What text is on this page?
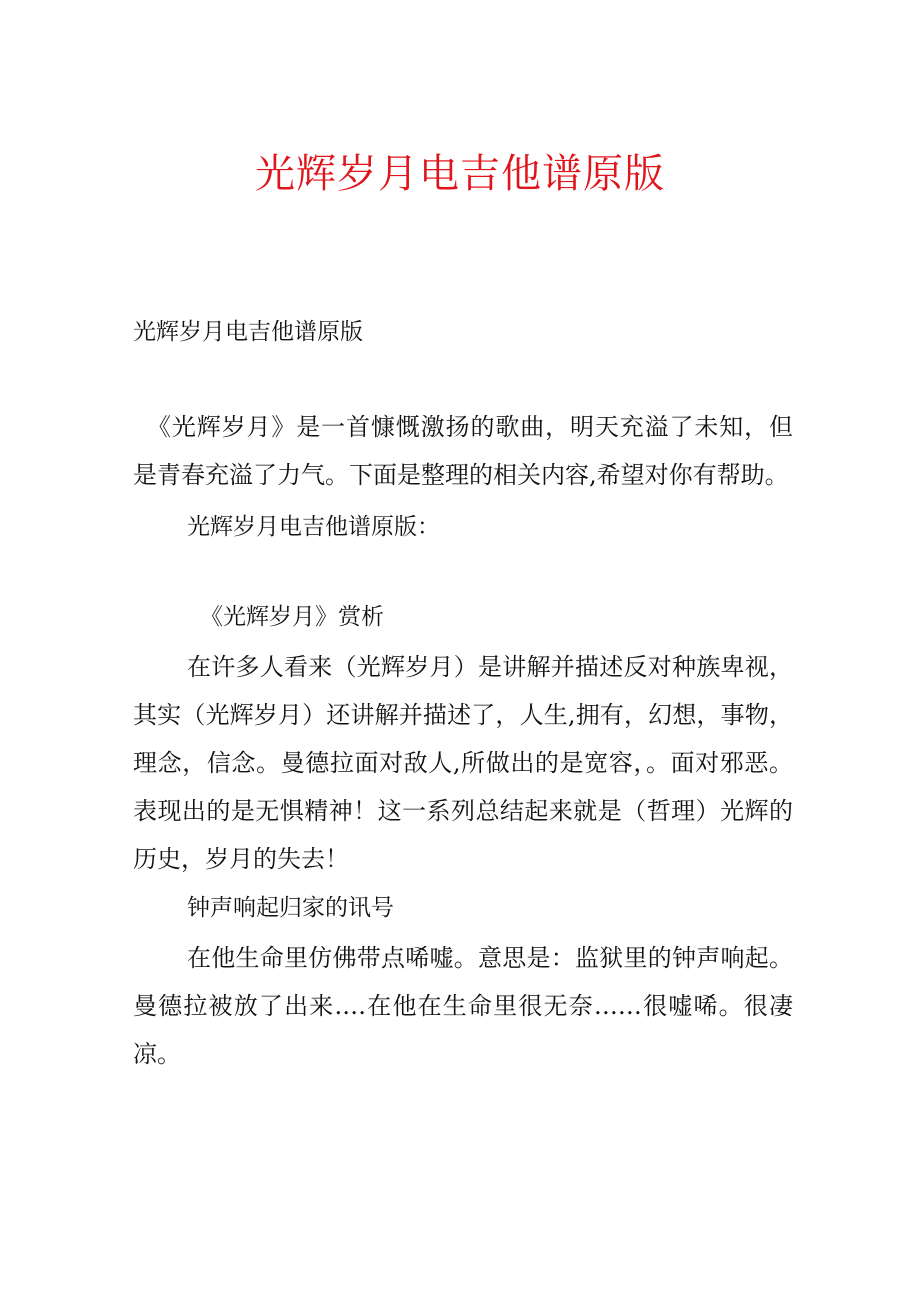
光辉岁月电吉他谱原版
光辉岁月电吉他谱原版

《光辉岁月》是一首慷慨激扬的歌曲，明天充溢了未知，但是青春充溢了力气。下面是整理的相关内容,希望对你有帮助。

光辉岁月电吉他谱原版：
《光辉岁月》赏析

在许多人看来（光辉岁月）是讲解并描述反对种族卑视，其实（光辉岁月）还讲解并描述了，人生,拥有，幻想，事物，理念，信念。曼德拉面对敌人,所做出的是宽容，。面对邪恶。表现出的是无惧精神！这一系列总结起来就是（哲理）光辉的历史，岁月的失去！

钟声响起归家的讯号

在他生命里仿佛带点唏嘘。意思是：监狱里的钟声响起。曼德拉被放了出来.…在他在生命里很无奈……很嘘唏。很凄凉。
